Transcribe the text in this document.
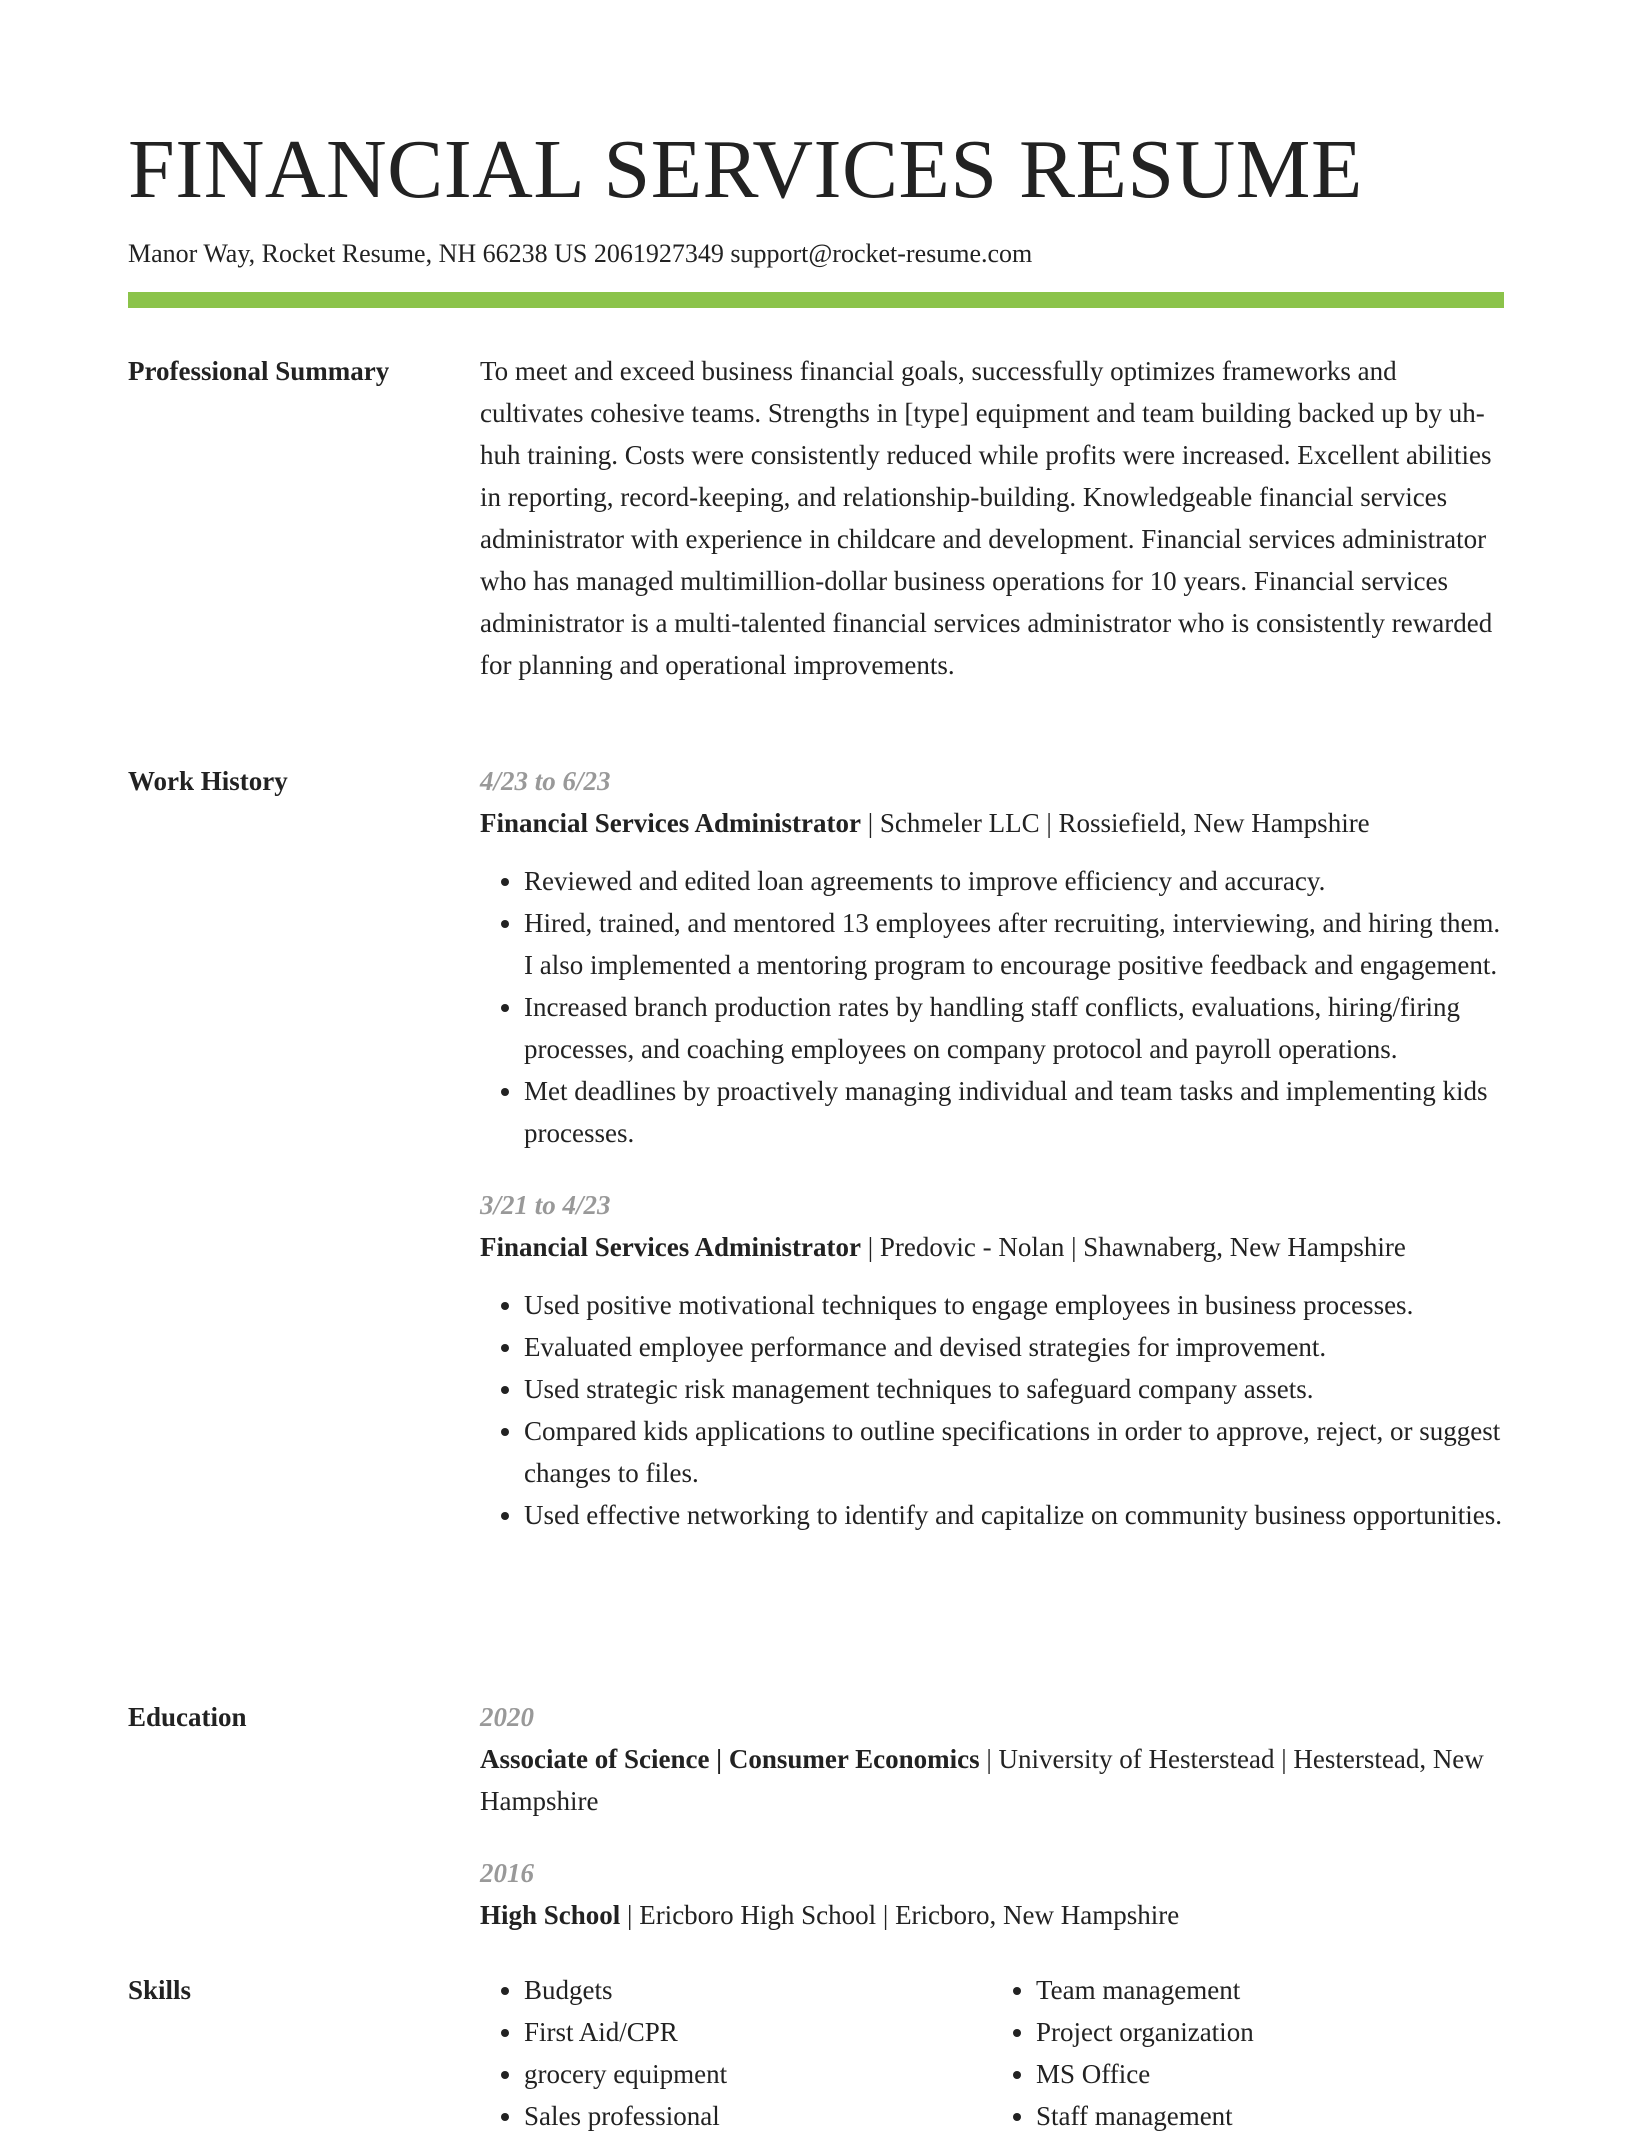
FINANCIAL SERVICES RESUME
Manor Way, Rocket Resume, NH 66238 US 2061927349 support@rocket-resume.com
Professional Summary	To meet and exceed business financial goals, successfully optimizes frameworks and cultivates cohesive teams. Strengths in [type] equipment and team building backed up by uh-huh training. Costs were consistently reduced while profits were increased. Excellent abilities in reporting, record-keeping, and relationship-building. Knowledgeable financial services administrator with experience in childcare and development. Financial services administrator who has managed multimillion-dollar business operations for 10 years. Financial services administrator is a multi-talented financial services administrator who is consistently rewarded for planning and operational improvements.
Work History	4/23 to 6/23
Financial Services Administrator | Schmeler LLC | Rossiefield, New Hampshire
• Reviewed and edited loan agreements to improve efficiency and accuracy.
• Hired, trained, and mentored 13 employees after recruiting, interviewing, and hiring them. I also implemented a mentoring program to encourage positive feedback and engagement.
• Increased branch production rates by handling staff conflicts, evaluations, hiring/firing processes, and coaching employees on company protocol and payroll operations.
• Met deadlines by proactively managing individual and team tasks and implementing kids processes.
3/21 to 4/23
Financial Services Administrator | Predovic - Nolan | Shawnaberg, New Hampshire
• Used positive motivational techniques to engage employees in business processes.
• Evaluated employee performance and devised strategies for improvement.
• Used strategic risk management techniques to safeguard company assets.
• Compared kids applications to outline specifications in order to approve, reject, or suggest changes to files.
• Used effective networking to identify and capitalize on community business opportunities.
Education	2020
Associate of Science | Consumer Economics | University of Hesterstead | Hesterstead, New Hampshire
2016
High School | Ericboro High School | Ericboro, New Hampshire
Skills
•	Budgets
• First Aid/CPR
• grocery equipment
• Sales professional
• Team management
• Project organization
• MS Office
• Staff management
